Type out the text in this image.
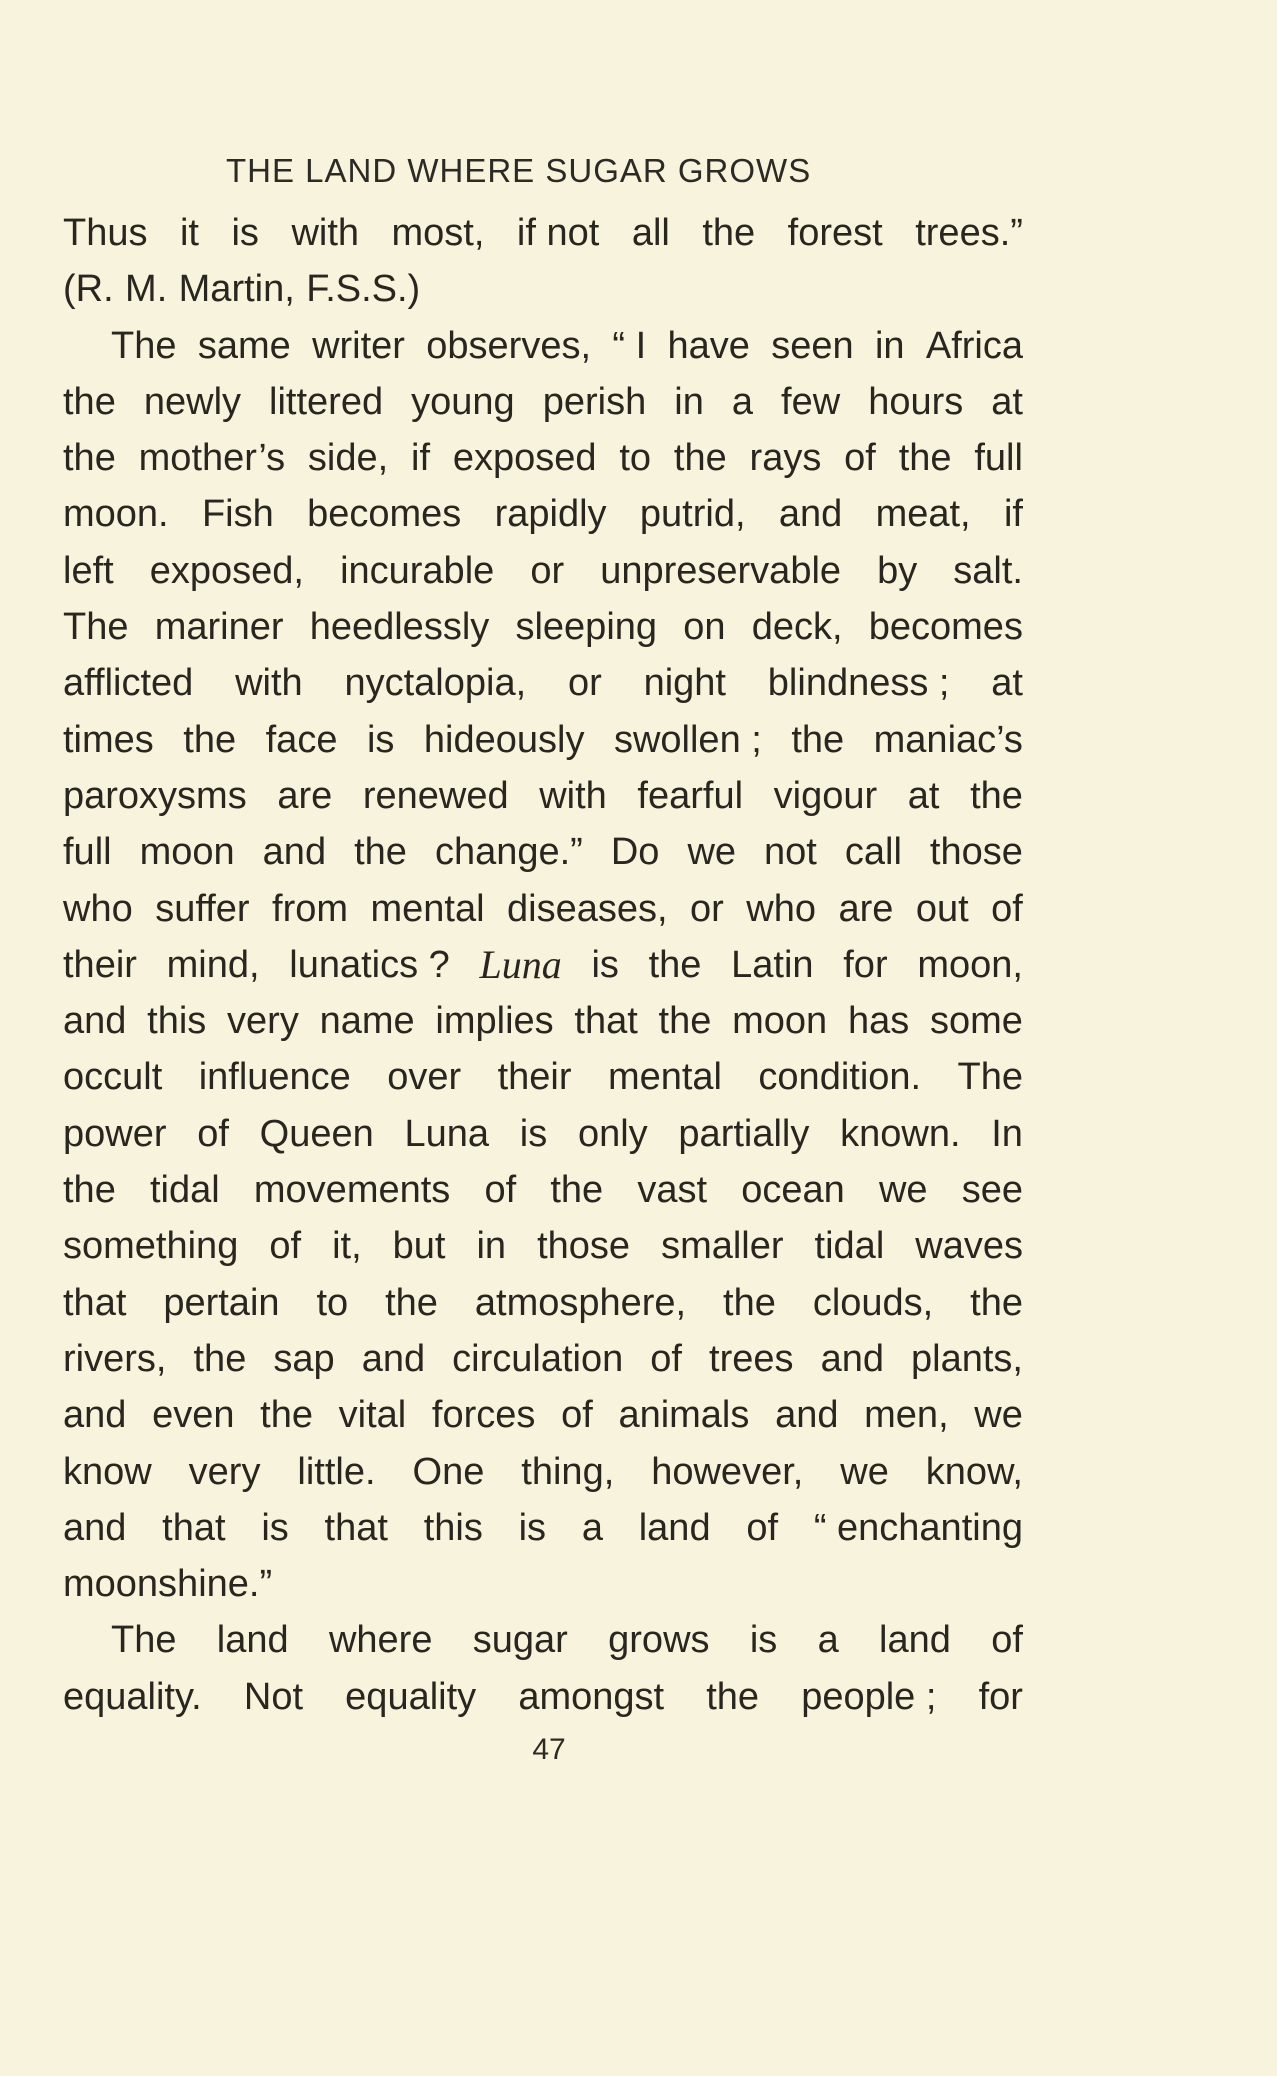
THE LAND WHERE SUGAR GROWS
Thus it is with most, if not all the forest trees.”
(R. M. Martin, F.S.S.)
The same writer observes, “ I have seen in Africa
the newly littered young perish in a few hours at
the mother’s side, if exposed to the rays of the full
moon. Fish becomes rapidly putrid, and meat, if
left exposed, incurable or unpreservable by salt.
The mariner heedlessly sleeping on deck, becomes
afflicted with nyctalopia, or night blindness ; at
times the face is hideously swollen ; the maniac’s
paroxysms are renewed with fearful vigour at the
full moon and the change.” Do we not call those
who suffer from mental diseases, or who are out of
their mind, lunatics ? Luna is the Latin for moon,
and this very name implies that the moon has some
occult influence over their mental condition. The
power of Queen Luna is only partially known. In
the tidal movements of the vast ocean we see
something of it, but in those smaller tidal waves
that pertain to the atmosphere, the clouds, the
rivers, the sap and circulation of trees and plants,
and even the vital forces of animals and men, we
know very little. One thing, however, we know,
and that is that this is a land of “ enchanting
moonshine.”
The land where sugar grows is a land of
equality. Not equality amongst the people ; for
47
